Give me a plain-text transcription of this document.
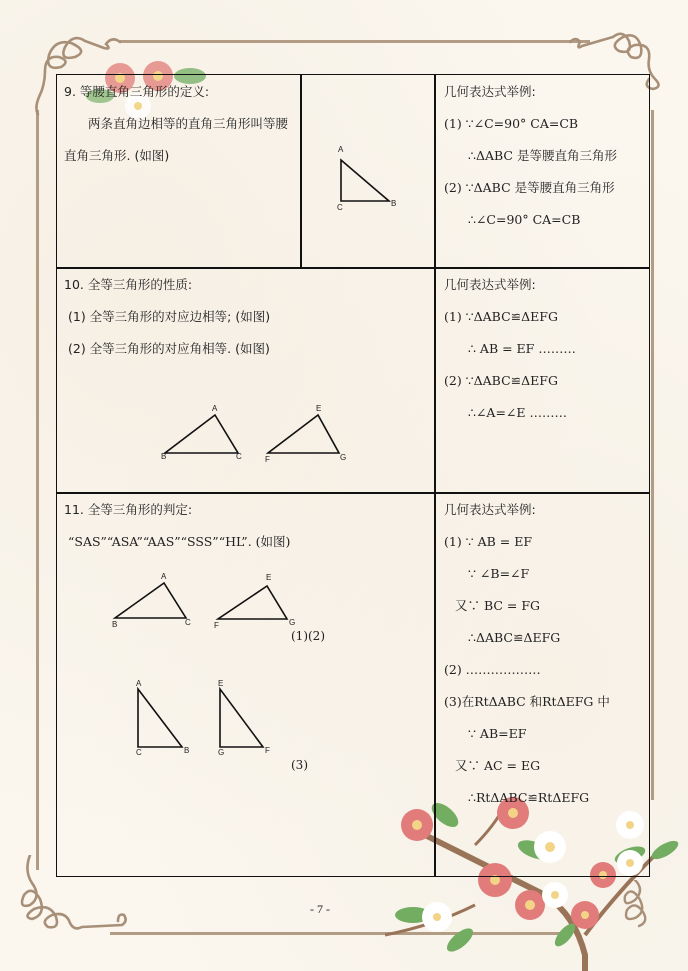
9. 等腰直角三角形的定义:
两条直角边相等的直角三角形叫等腰
直角三角形. (如图)	A
C	B
几何表达式举例:
(1) ∵∠C=90° CA=CB
∴ΔABC 是等腰直角三角形
(2) ∵ΔABC 是等腰直角三角形
∴∠C=90° CA=CB
10. 全等三角形的性质:
(1) 全等三角形的对应边相等; (如图)
(2) 全等三角形的对应角相等. (如图)
A
B	C
E
F	G
几何表达式举例:
(1) ∵ΔABC≌ΔEFG
∴ AB = EF ………
(2) ∵ΔABC≌ΔEFG
∴∠A=∠E ………
11. 全等三角形的判定:
“SAS”“ASA”“AAS”“SSS”“HL”. (如图)
A
B	C
E
F	G
(1)(2)
A
C	B
E
G	F
(3)
几何表达式举例:
(1) ∵ AB = EF
∵ ∠B=∠F
又∵ BC = FG
∴ΔABC≌ΔEFG
(2) ………………
(3)在RtΔABC 和RtΔEFG 中
∵ AB=EF
又∵ AC = EG
∴RtΔABC≌RtΔEFG
- 7 -
